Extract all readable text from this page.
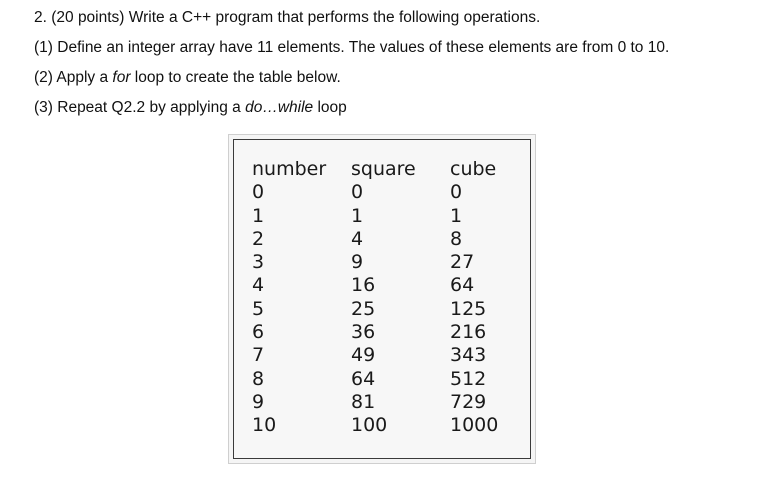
2. (20 points) Write a C++ program that performs the following operations.
(1) Define an integer array have 11 elements. The values of these elements are from 0 to 10.
(2) Apply a for loop to create the table below.
(3) Repeat Q2.2 by applying a do…while loop
number	square	cube
0	0	0
1	1	1
2	4	8
3	9	27
4	16	64
5	25	125
6	36	216
7	49	343
8	64	512
9	81	729
10	100	1000
